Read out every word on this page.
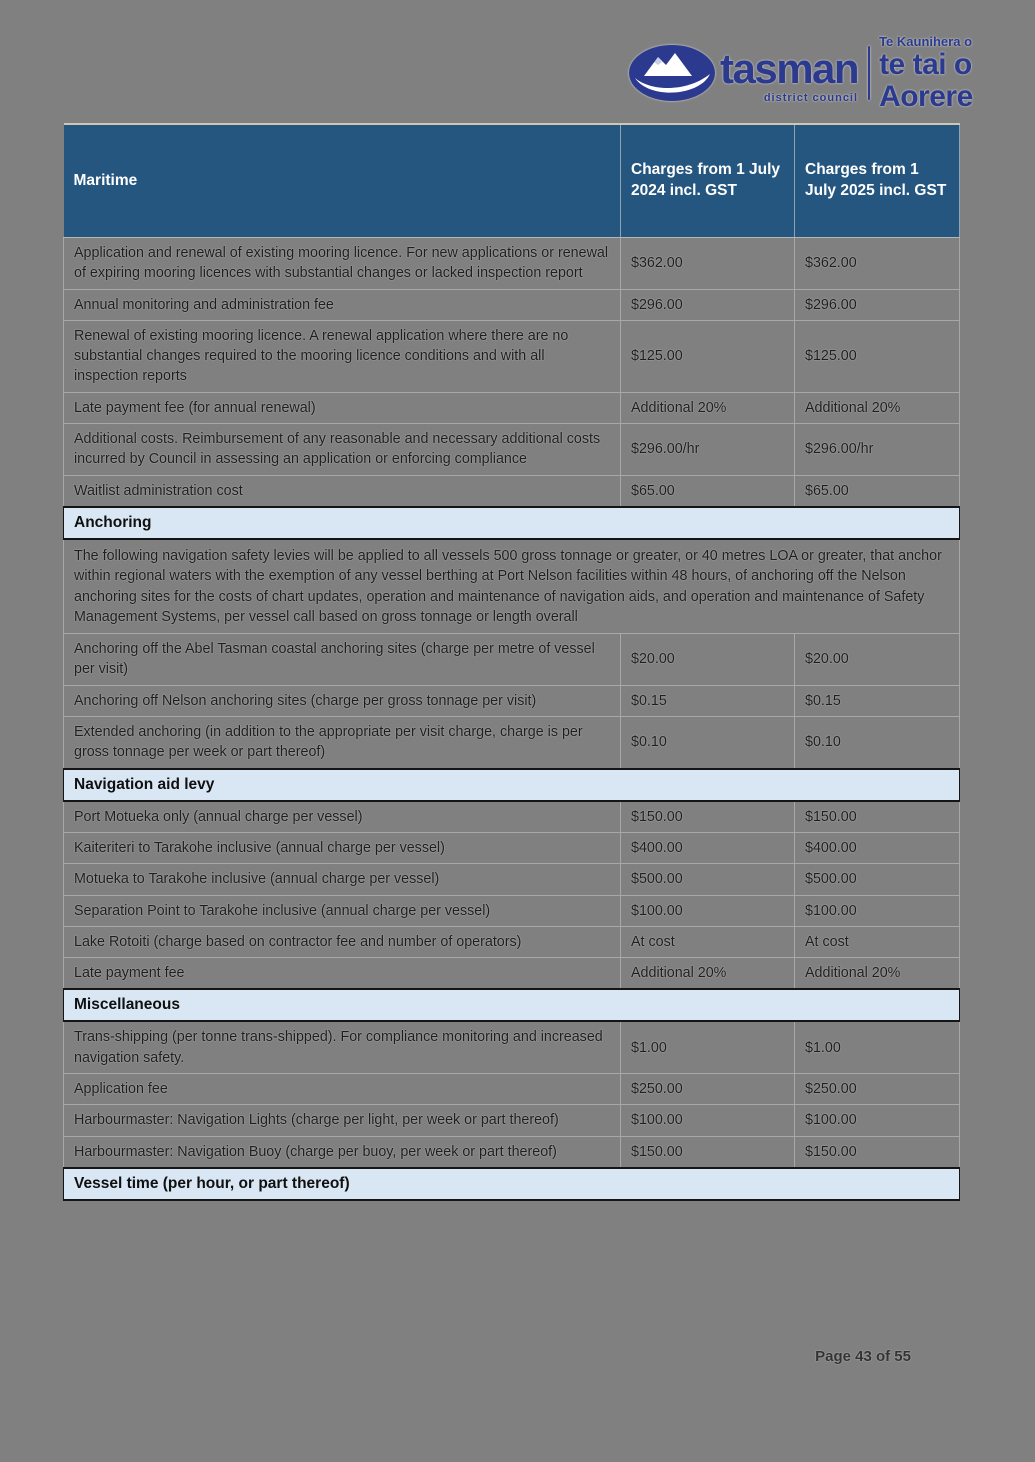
tasman
district council
Te Kaunihera o
te tai o Aorere
Maritime	Charges from 1 July 2024 incl. GST	Charges from 1 July 2025 incl. GST
Application and renewal of existing mooring licence. For new applications or renewal of expiring mooring licences with substantial changes or lacked inspection report	$362.00	$362.00
Annual monitoring and administration fee	$296.00	$296.00
Renewal of existing mooring licence. A renewal application where there are no substantial changes required to the mooring licence conditions and with all inspection reports	$125.00	$125.00
Late payment fee (for annual renewal)	Additional 20%	Additional 20%
Additional costs. Reimbursement of any reasonable and necessary additional costs incurred by Council in assessing an application or enforcing compliance	$296.00/hr	$296.00/hr
Waitlist administration cost	$65.00	$65.00
Anchoring		
The following navigation safety levies will be applied to all vessels 500 gross tonnage or greater, or 40 metres LOA or greater, that anchor within regional waters with the exemption of any vessel berthing at Port Nelson facilities within 48 hours, of anchoring off the Nelson anchoring sites for the costs of chart updates, operation and maintenance of navigation aids, and operation and maintenance of Safety Management Systems, per vessel call based on gross tonnage or length overall		
Anchoring off the Abel Tasman coastal anchoring sites (charge per metre of vessel per visit)	$20.00	$20.00
Anchoring off Nelson anchoring sites (charge per gross tonnage per visit)	$0.15	$0.15
Extended anchoring (in addition to the appropriate per visit charge, charge is per gross tonnage per week or part thereof)	$0.10	$0.10
Navigation aid levy		
Port Motueka only (annual charge per vessel)	$150.00	$150.00
Kaiteriteri to Tarakohe inclusive (annual charge per vessel)	$400.00	$400.00
Motueka to Tarakohe inclusive (annual charge per vessel)	$500.00	$500.00
Separation Point to Tarakohe inclusive (annual charge per vessel)	$100.00	$100.00
Lake Rotoiti (charge based on contractor fee and number of operators)	At cost	At cost
Late payment fee	Additional 20%	Additional 20%
Miscellaneous		
Trans-shipping (per tonne trans-shipped). For compliance monitoring and increased navigation safety.	$1.00	$1.00
Application fee	$250.00	$250.00
Harbourmaster: Navigation Lights (charge per light, per week or part thereof)	$100.00	$100.00
Harbourmaster: Navigation Buoy (charge per buoy, per week or part thereof)	$150.00	$150.00
Vessel time (per hour, or part thereof)		
Page 43 of 55
